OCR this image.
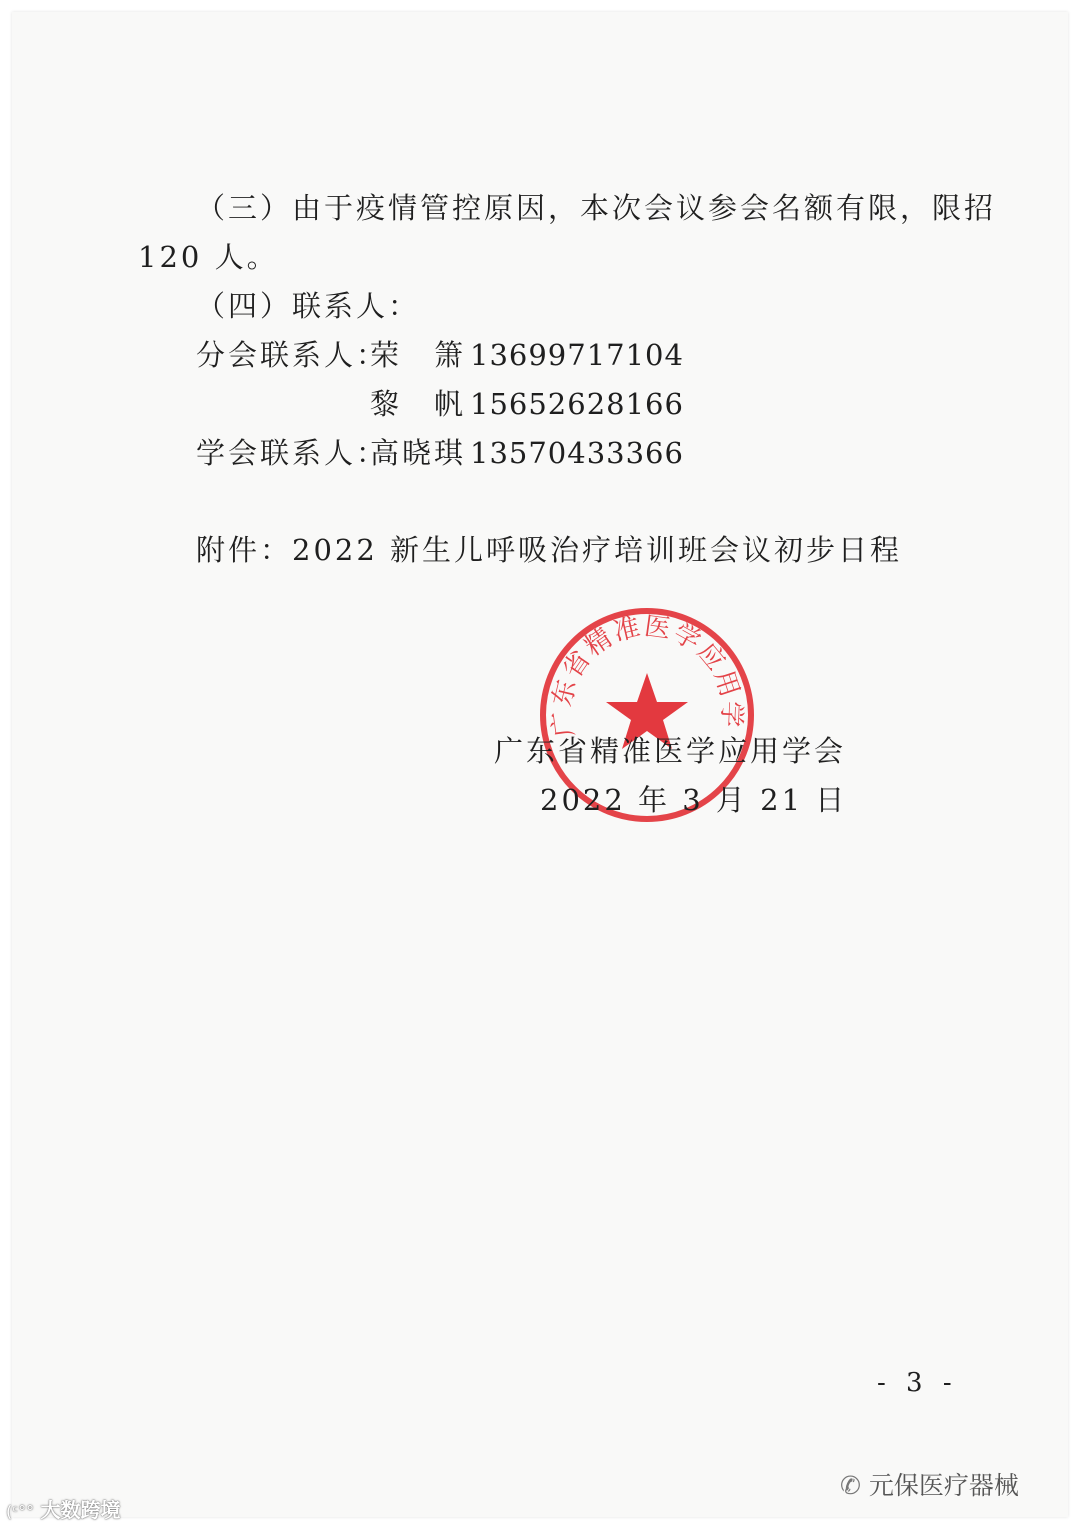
（三）由于疫情管控原因，本次会议参会名额有限，限招
120 人。
（四）联系人：
分会联系人：
荣　箫 13699717104
黎　帆 15652628166
学会联系人：
高晓琪 13570433366
附件：2022 新生儿呼吸治疗培训班会议初步日程
广东省精准医学应用学
广东省精准医学应用学会
2022 年 3 月 21 日
- 3 -
(ᶜ°° 大数跨境
✆ 元保医疗器械
